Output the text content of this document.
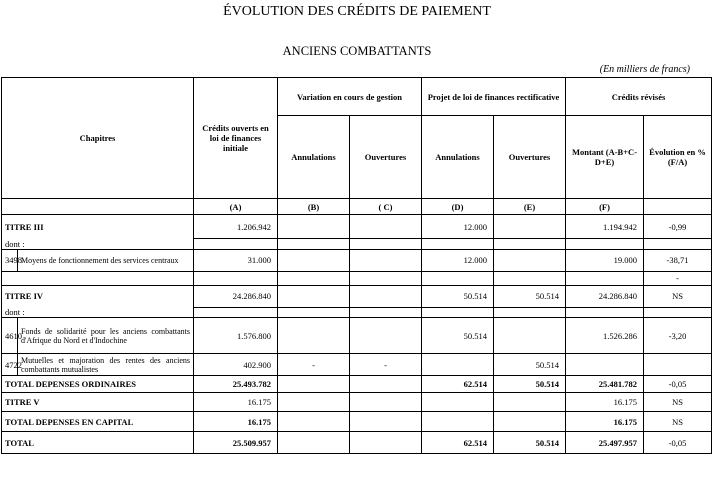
ÉVOLUTION DES CRÉDITS DE PAIEMENT
ANCIENS COMBATTANTS
(En milliers de francs)
Chapitres		Crédits ouverts en loi de finances initiale	Variation en cours de gestion		Projet de loi de finances rectificative		Crédits révisés	
			Annulations	Ouvertures	Annulations	Ouvertures	Montant (A-B+C-D+E)	Évolution en % (F/A)
		(A)	(B)	( C)	(D)	(E)	(F)	
TITRE III		1.206.942			12.000		1.194.942	-0,99
dont :								
3498	Moyens de fonctionnement des services centraux	31.000			12.000		19.000	-38,71
								-
TITRE IV		24.286.840			50.514	50.514	24.286.840	NS
dont :								
4610	Fonds de solidarité pour les anciens combattants d'Afrique du Nord et d'Indochine	1.576.800			50.514		1.526.286	-3,20
4722	Mutuelles et majoration des rentes des anciens combattants mutualistes	402.900	-	-		50.514		
TOTAL DEPENSES ORDINAIRES		25.493.782			62.514	50.514	25.481.782	-0,05
TITRE V		16.175					16.175	NS
TOTAL DEPENSES EN CAPITAL		16.175					16.175	NS
TOTAL		25.509.957			62.514	50.514	25.497.957	-0,05
